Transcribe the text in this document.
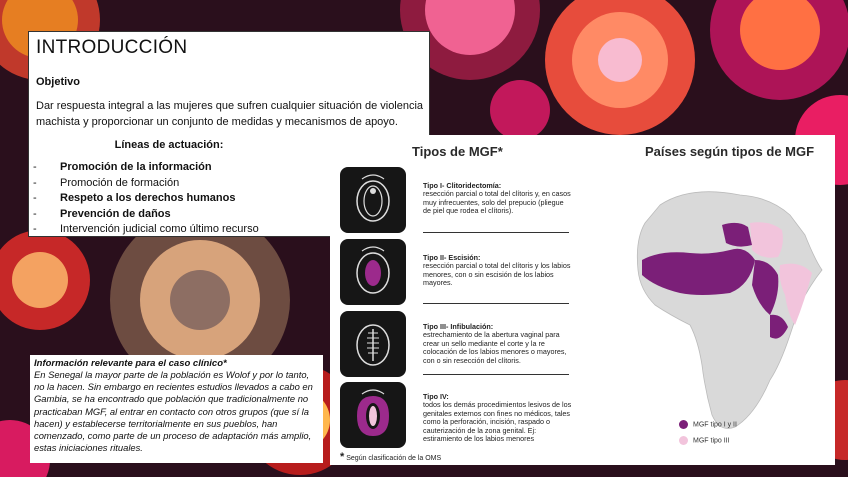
INTRODUCCIÓN
Objetivo
Dar respuesta integral a las mujeres que sufren cualquier situación de violencia machista y proporcionar un conjunto de medidas y mecanismos de apoyo.
Líneas de actuación:
- Promoción de la información
- Promoción de formación
- Respeto a los derechos humanos
- Prevención de daños
- Intervención judicial como último recurso
Tipos de MGF*	Países según tipos de MGF
Tipo I- Clitoridectomía:
resección parcial o total del clítoris y, en casos muy infrecuentes, solo del prepucio (pliegue de piel que rodea el clítoris).
Tipo II- Escisión:
resección parcial o total del clítoris y los labios menores, con o sin escisión de los labios mayores.
Tipo III- Infibulación:
estrechamiento de la abertura vaginal para crear un sello mediante el corte y la re colocación de los labios menores o mayores, con o sin resección del clítoris.
Tipo IV:
todos los demás procedimientos lesivos de los genitales externos con fines no médicos, tales como la perforación, incisión, raspado o cauterización de la zona genital. Ej: estiramiento de los labios menores
* Según clasificación de la OMS
MGF tipo I y II
MGF tipo III
Información relevante para el caso clínico*
En Senegal la mayor parte de la población es Wolof y por lo tanto, no la hacen. Sin embargo en recientes estudios llevados a cabo en Gambia, se ha encontrado que población que tradicionalmente no practicaban MGF, al entrar en contacto con otros grupos (que sí la hacen) y establecerse territorialmente en sus pueblos, han comenzado, como parte de un proceso de adaptación más amplio, estas iniciaciones rituales.
